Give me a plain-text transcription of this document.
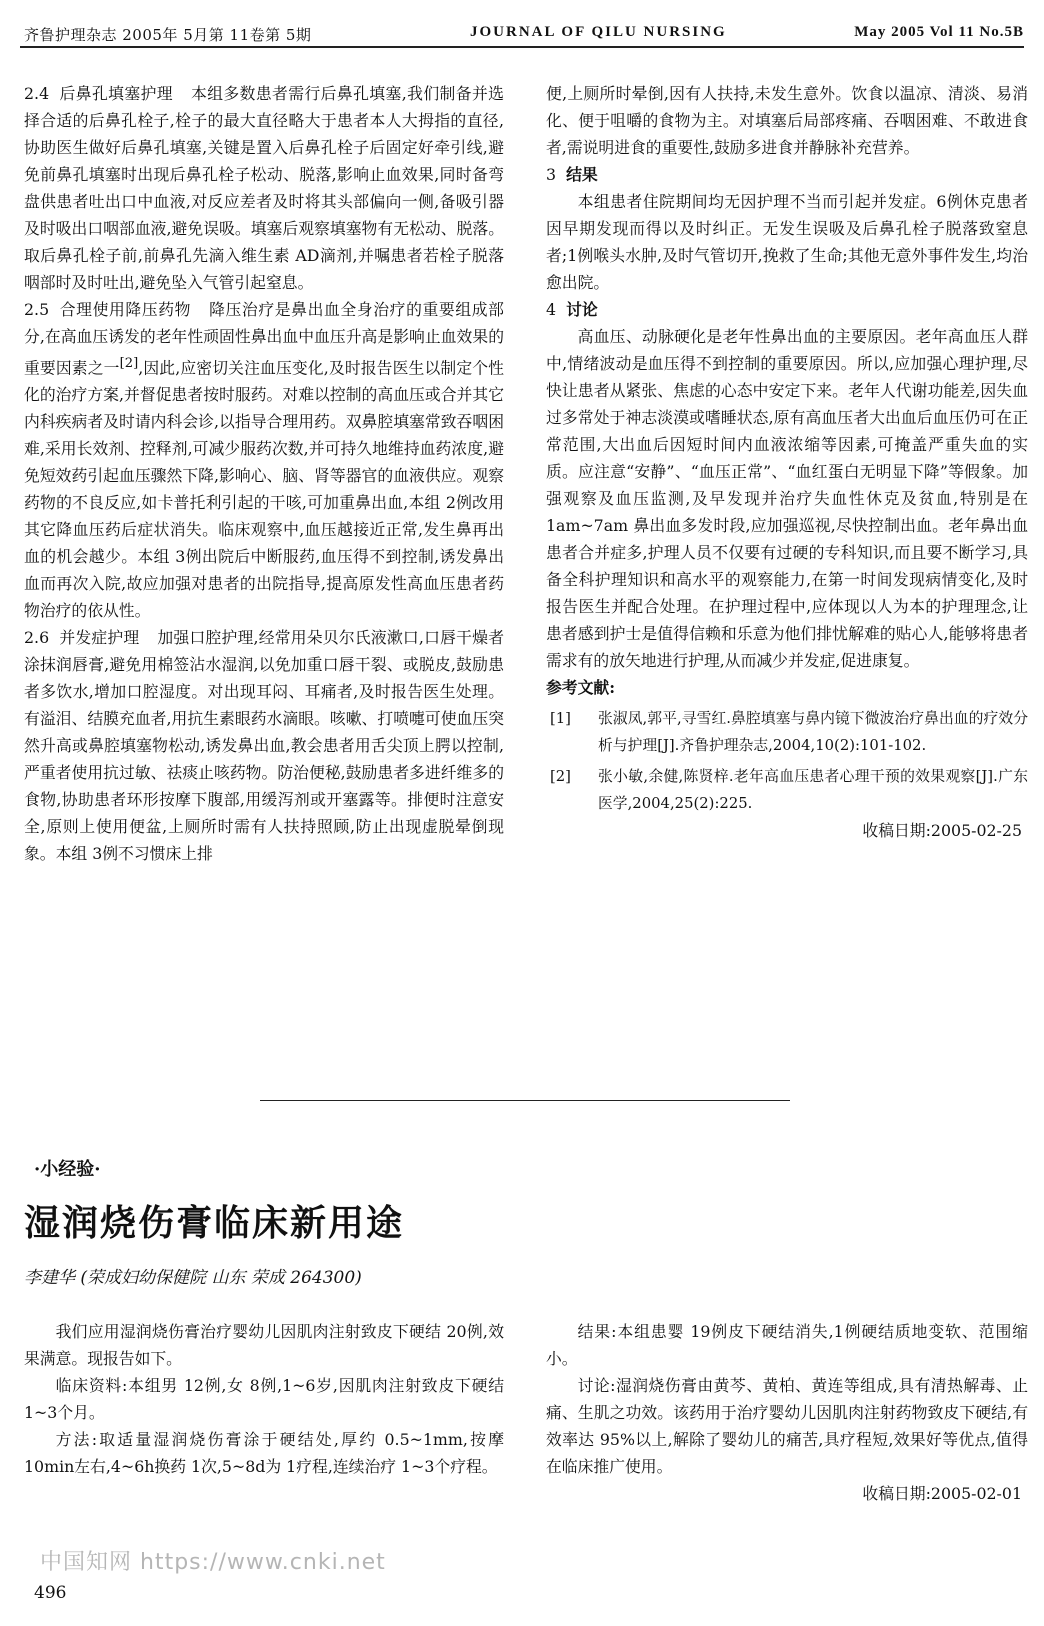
齐鲁护理杂志 2005年 5月第 11卷第 5期	JOURNAL OF QILU NURSING	May 2005 Vol 11 No.5B

2.4 后鼻孔填塞护理 本组多数患者需行后鼻孔填塞,我们制备并选择合适的后鼻孔栓子,栓子的最大直径略大于患者本人大拇指的直径,协助医生做好后鼻孔填塞,关键是置入后鼻孔栓子后固定好牵引线,避免前鼻孔填塞时出现后鼻孔栓子松动、脱落,影响止血效果,同时备弯盘供患者吐出口中血液,对反应差者及时将其头部偏向一侧,备吸引器及时吸出口咽部血液,避免误吸。填塞后观察填塞物有无松动、脱落。取后鼻孔栓子前,前鼻孔先滴入维生素 AD滴剂,并嘱患者若栓子脱落咽部时及时吐出,避免坠入气管引起窒息。

2.5 合理使用降压药物 降压治疗是鼻出血全身治疗的重要组成部分,在高血压诱发的老年性顽固性鼻出血中血压升高是影响止血效果的重要因素之一[2],因此,应密切关注血压变化,及时报告医生以制定个性化的治疗方案,并督促患者按时服药。对难以控制的高血压或合并其它内科疾病者及时请内科会诊,以指导合理用药。双鼻腔填塞常致吞咽困难,采用长效剂、控释剂,可减少服药次数,并可持久地维持血药浓度,避免短效药引起血压骤然下降,影响心、脑、肾等器官的血液供应。观察药物的不良反应,如卡普托利引起的干咳,可加重鼻出血,本组 2例改用其它降血压药后症状消失。临床观察中,血压越接近正常,发生鼻再出血的机会越少。本组 3例出院后中断服药,血压得不到控制,诱发鼻出血而再次入院,故应加强对患者的出院指导,提高原发性高血压患者药物治疗的依从性。

2.6 并发症护理 加强口腔护理,经常用朵贝尔氏液漱口,口唇干燥者涂抹润唇膏,避免用棉签沾水湿润,以免加重口唇干裂、或脱皮,鼓励患者多饮水,增加口腔湿度。对出现耳闷、耳痛者,及时报告医生处理。有溢泪、结膜充血者,用抗生素眼药水滴眼。咳嗽、打喷嚏可使血压突然升高或鼻腔填塞物松动,诱发鼻出血,教会患者用舌尖顶上腭以控制,严重者使用抗过敏、祛痰止咳药物。防治便秘,鼓励患者多进纤维多的食物,协助患者环形按摩下腹部,用缓泻剂或开塞露等。排便时注意安全,原则上使用便盆,上厕所时需有人扶持照顾,防止出现虚脱晕倒现象。本组 3例不习惯床上排

便,上厕所时晕倒,因有人扶持,未发生意外。饮食以温凉、清淡、易消化、便于咀嚼的食物为主。对填塞后局部疼痛、吞咽困难、不敢进食者,需说明进食的重要性,鼓励多进食并静脉补充营养。

3 结果

本组患者住院期间均无因护理不当而引起并发症。6例休克患者因早期发现而得以及时纠正。无发生误吸及后鼻孔栓子脱落致窒息者;1例喉头水肿,及时气管切开,挽救了生命;其他无意外事件发生,均治愈出院。

4 讨论

高血压、动脉硬化是老年性鼻出血的主要原因。老年高血压人群中,情绪波动是血压得不到控制的重要原因。所以,应加强心理护理,尽快让患者从紧张、焦虑的心态中安定下来。老年人代谢功能差,因失血过多常处于神志淡漠或嗜睡状态,原有高血压者大出血后血压仍可在正常范围,大出血后因短时间内血液浓缩等因素,可掩盖严重失血的实质。应注意“安静”、“血压正常”、“血红蛋白无明显下降”等假象。加强观察及血压监测,及早发现并治疗失血性休克及贫血,特别是在 1am~7am 鼻出血多发时段,应加强巡视,尽快控制出血。老年鼻出血患者合并症多,护理人员不仅要有过硬的专科知识,而且要不断学习,具备全科护理知识和高水平的观察能力,在第一时间发现病情变化,及时报告医生并配合处理。在护理过程中,应体现以人为本的护理理念,让患者感到护士是值得信赖和乐意为他们排忧解难的贴心人,能够将患者需求有的放矢地进行护理,从而减少并发症,促进康复。

参考文献:

[1] 张淑凤,郭平,寻雪红.鼻腔填塞与鼻内镜下微波治疗鼻出血的疗效分析与护理[J].齐鲁护理杂志,2004,10(2):101-102.

[2] 张小敏,余健,陈贤梓.老年高血压患者心理干预的效果观察[J].广东医学,2004,25(2):225.

收稿日期:2005-02-25

·小经验·
湿润烧伤膏临床新用途
李建华 (荣成妇幼保健院 山东 荣成 264300)

我们应用湿润烧伤膏治疗婴幼儿因肌肉注射致皮下硬结 20例,效果满意。现报告如下。

临床资料:本组男 12例,女 8例,1~6岁,因肌肉注射致皮下硬结 1~3个月。

方法:取适量湿润烧伤膏涂于硬结处,厚约 0.5~1mm,按摩 10min左右,4~6h换药 1次,5~8d为 1疗程,连续治疗 1~3个疗程。

结果:本组患婴 19例皮下硬结消失,1例硬结质地变软、范围缩小。

讨论:湿润烧伤膏由黄芩、黄柏、黄连等组成,具有清热解毒、止痛、生肌之功效。该药用于治疗婴幼儿因肌肉注射药物致皮下硬结,有效率达 95%以上,解除了婴幼儿的痛苦,具疗程短,效果好等优点,值得在临床推广使用。

收稿日期:2005-02-01

中国知网 https://www.cnki.net
496
